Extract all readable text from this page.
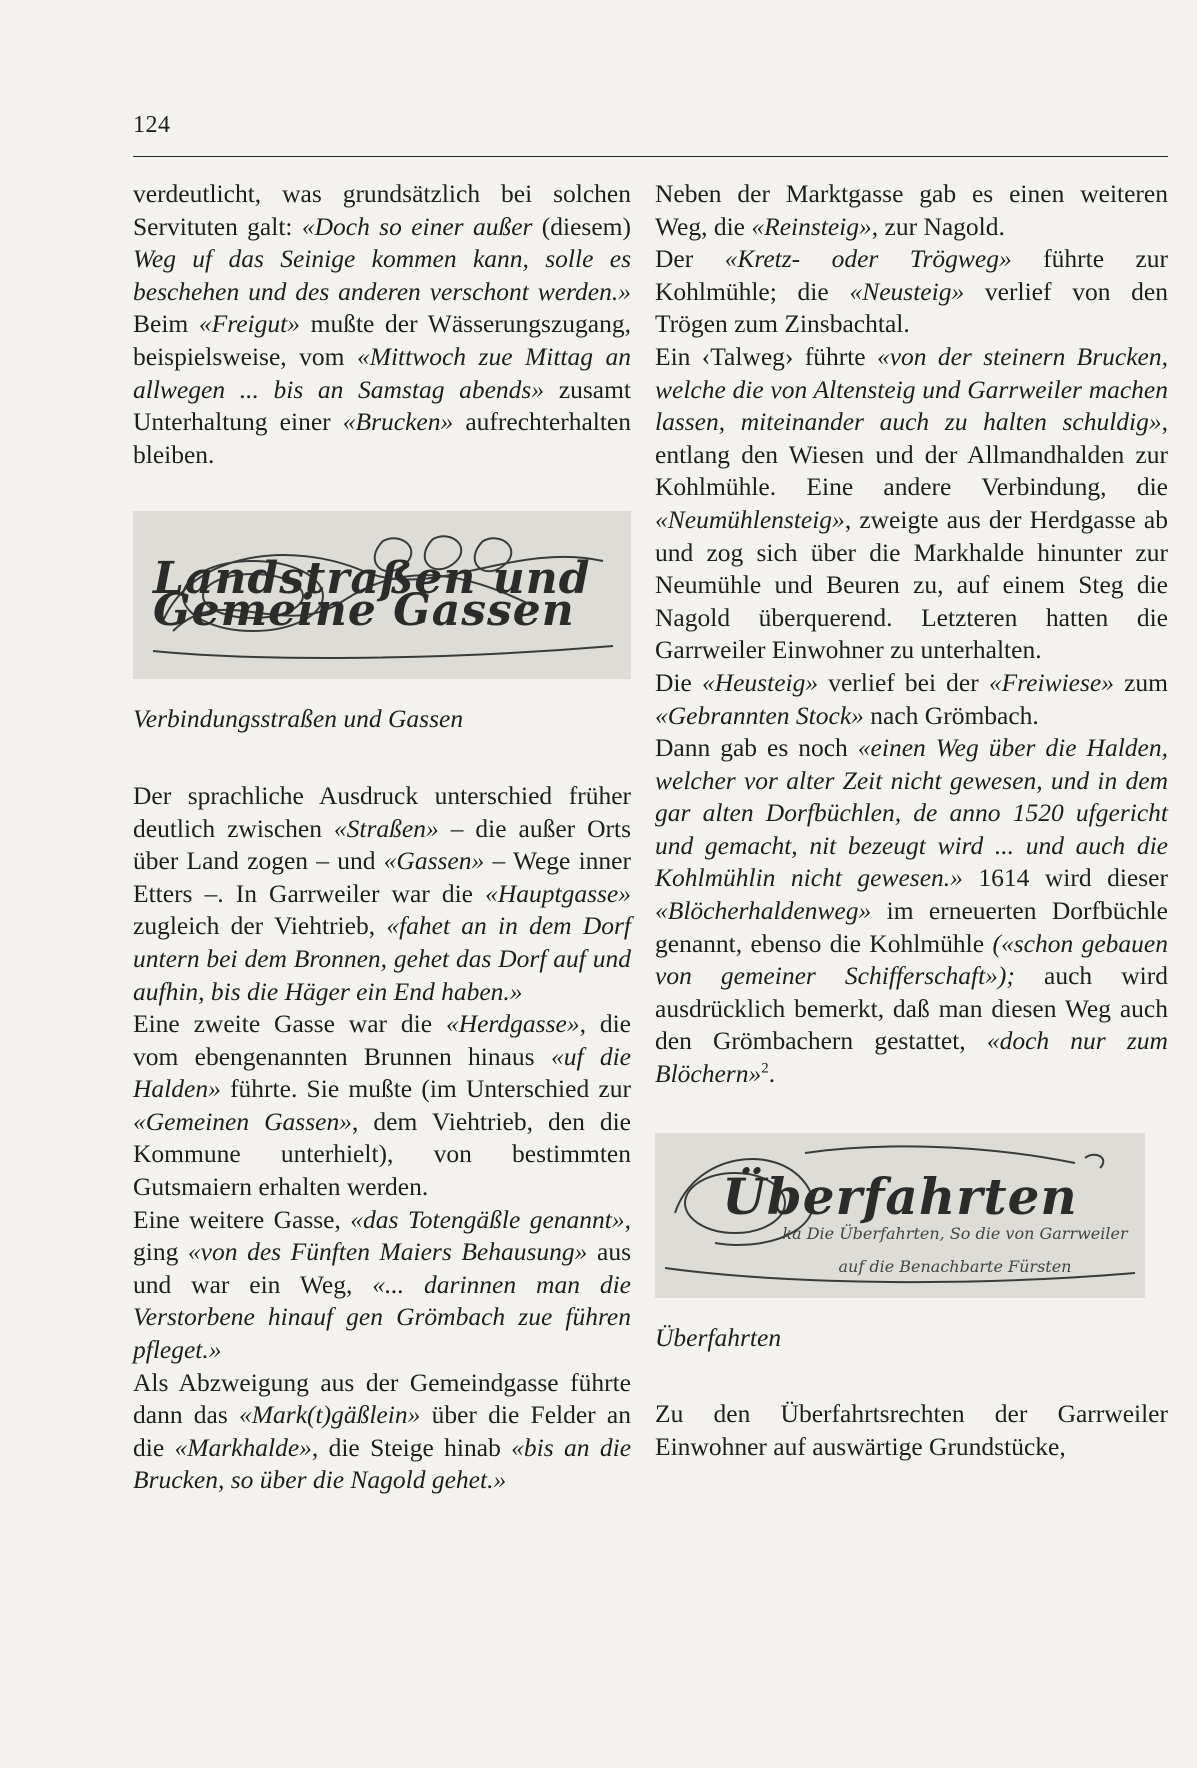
124

verdeutlicht, was grundsätzlich bei solchen Servituten galt: «Doch so einer außer (diesem) Weg uf das Seinige kommen kann, solle es beschehen und des anderen verschont werden.» Beim «Freigut» mußte der Wässerungszugang, beispielsweise, vom «Mittwoch zue Mittag an allwegen ... bis an Samstag abends» zusamt Unterhaltung einer «Brucken» aufrechterhalten bleiben.

Landstraßen und Gemeine Gassen

Verbindungsstraßen und Gassen

Der sprachliche Ausdruck unterschied früher deutlich zwischen «Straßen» – die außer Orts über Land zogen – und «Gassen» – Wege inner Etters –. In Garrweiler war die «Hauptgasse» zugleich der Viehtrieb, «fahet an in dem Dorf untern bei dem Bronnen, gehet das Dorf auf und aufhin, bis die Häger ein End haben.»

Eine zweite Gasse war die «Herdgasse», die vom ebengenannten Brunnen hinaus «uf die Halden» führte. Sie mußte (im Unterschied zur «Gemeinen Gassen», dem Viehtrieb, den die Kommune unterhielt), von bestimmten Gutsmaiern erhalten werden.

Eine weitere Gasse, «das Totengäßle genannt», ging «von des Fünften Maiers Behausung» aus und war ein Weg, «... darinnen man die Verstorbene hinauf gen Grömbach zue führen pfleget.»

Als Abzweigung aus der Gemeindgasse führte dann das «Mark(t)gäßlein» über die Felder an die «Markhalde», die Steige hinab «bis an die Brucken, so über die Nagold gehet.»

Neben der Marktgasse gab es einen weiteren Weg, die «Reinsteig», zur Nagold.

Der «Kretz- oder Trögweg» führte zur Kohlmühle; die «Neusteig» verlief von den Trögen zum Zinsbachtal.

Ein ‹Talweg› führte «von der steinern Brucken, welche die von Altensteig und Garrweiler machen lassen, miteinander auch zu halten schuldig», entlang den Wiesen und der Allmandhalden zur Kohlmühle. Eine andere Verbindung, die «Neumühlensteig», zweigte aus der Herdgasse ab und zog sich über die Markhalde hinunter zur Neumühle und Beuren zu, auf einem Steg die Nagold überquerend. Letzteren hatten die Garrweiler Einwohner zu unterhalten.

Die «Heusteig» verlief bei der «Freiwiese» zum «Gebrannten Stock» nach Grömbach.

Dann gab es noch «einen Weg über die Halden, welcher vor alter Zeit nicht gewesen, und in dem gar alten Dorfbüchlen, de anno 1520 ufgericht und gemacht, nit bezeugt wird ... und auch die Kohlmühlin nicht gewesen.» 1614 wird dieser «Blöcherhaldenweg» im erneuerten Dorfbüchle genannt, ebenso die Kohlmühle («schon gebauen von gemeiner Schifferschaft»); auch wird ausdrücklich bemerkt, daß man diesen Weg auch den Grömbachern gestattet, «doch nur zum Blöchern»$^2$.

Überfahrten
ka Die Überfahrten, So die von Garrweiler auf die Benachbarte Fürsten

Überfahrten

Zu den Überfahrtsrechten der Garrweiler Einwohner auf auswärtige Grundstücke,
